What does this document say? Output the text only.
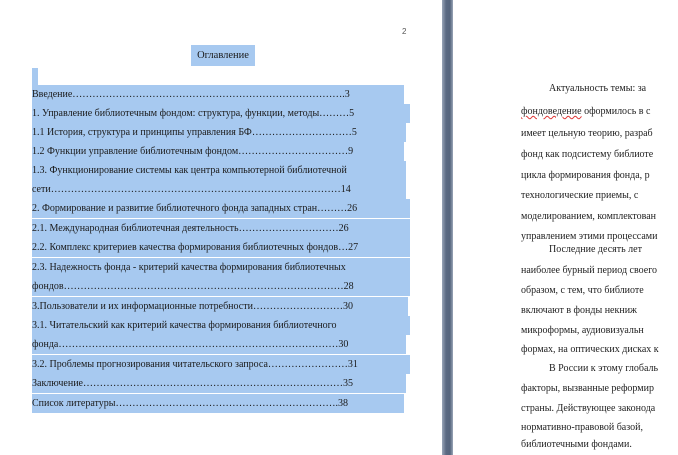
2
Оглавление
Введение……………………………………………………………………….3
1. Управление библиотечным фондом: структура, функции, методы………5
1.1 История, структура и принципы управления БФ…………………………5
1.2 Функции управление библиотечным фондом……………………………9
1.3. Функционирование системы как центра компьютерной библиотечной
сети……………………………………………………………………………14
2. Формирование и развитие библиотечного фонда западных стран………26
2.1. Международная библиотечная деятельность…………………………26
2.2. Комплекс критериев качества формирования библиотечных фондов…27
2.3. Надежность фонда - критерий качества формирования библиотечных
фондов…………………………………………………………………………28
3.Пользователи и их информационные потребности………………………30
3.1. Читательский как критерий качества формирования библиотечного
фонда…………………………………………………………………………30
3.2. Проблемы прогнозирования читательского запроса……………………31
Заключение……………………………………………………………………35
Список литературы………………………………………………………….38
Актуальность темы: за
фондоведение оформилось в с
имеет цельную теорию, разраб
фонд как подсистему библиоте
цикла формирования фонда, р
технологические приемы, с
моделированием, комплектован
управлением этими процессами
Последние десять лет
наиболее бурный период своего
образом, с тем, что библиоте
включают в фонды некниж
микроформы, аудиовизуальн
формах, на оптических дисках к
В России к этому глобаль
факторы, вызванные реформир
страны. Действующее законода
нормативно-правовой базой,
библиотечными фондами.
